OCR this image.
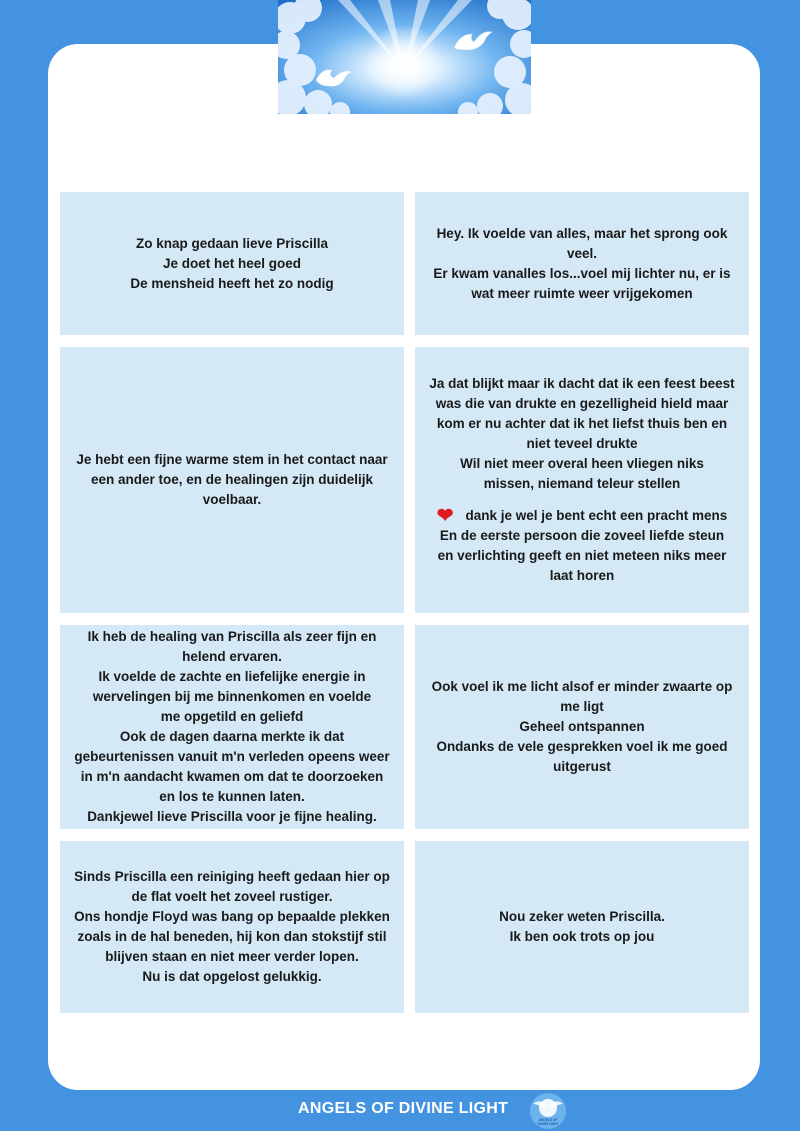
Zo knap gedaan lieve Priscilla

Je doet het heel goed

De mensheid heeft het zo nodig

Hey. Ik voelde van alles, maar het sprong ook veel.

Er kwam vanalles los...voel mij lichter nu, er is wat meer ruimte weer vrijgekomen

Je hebt een fijne warme stem in het contact naar een ander toe, en de healingen zijn duidelijk voelbaar.

Ja dat blijkt maar ik dacht dat ik een feest beest was die van drukte en gezelligheid hield maar kom er nu achter dat ik het liefst thuis ben en niet teveel drukte

Wil niet meer overal heen vliegen niks missen, niemand teleur stellen

❤ dank je wel je bent echt een pracht mens

En de eerste persoon die zoveel liefde steun en verlichting geeft en niet meteen niks meer laat horen

Ik heb de healing van Priscilla als zeer fijn en helend ervaren.

Ik voelde de zachte en liefelijke energie in wervelingen bij me binnenkomen en voelde me opgetild en geliefd

Ook de dagen daarna merkte ik dat gebeurtenissen vanuit m'n verleden opeens weer in m'n aandacht kwamen om dat te doorzoeken en los te kunnen laten.

Dankjewel lieve Priscilla voor je fijne healing.

Ook voel ik me licht alsof er minder zwaarte op me ligt

Geheel ontspannen

Ondanks de vele gesprekken voel ik me goed uitgerust

Sinds Priscilla een reiniging heeft gedaan hier op de flat voelt het zoveel rustiger.

Ons hondje Floyd was bang op bepaalde plekken zoals in de hal beneden, hij kon dan stokstijf stil blijven staan en niet meer verder lopen.

Nu is dat opgelost gelukkig.

Nou zeker weten Priscilla.

Ik ben ook trots op jou

ANGELS OF DIVINE LIGHT
ANGELS OF
DIVINE LIGHT
